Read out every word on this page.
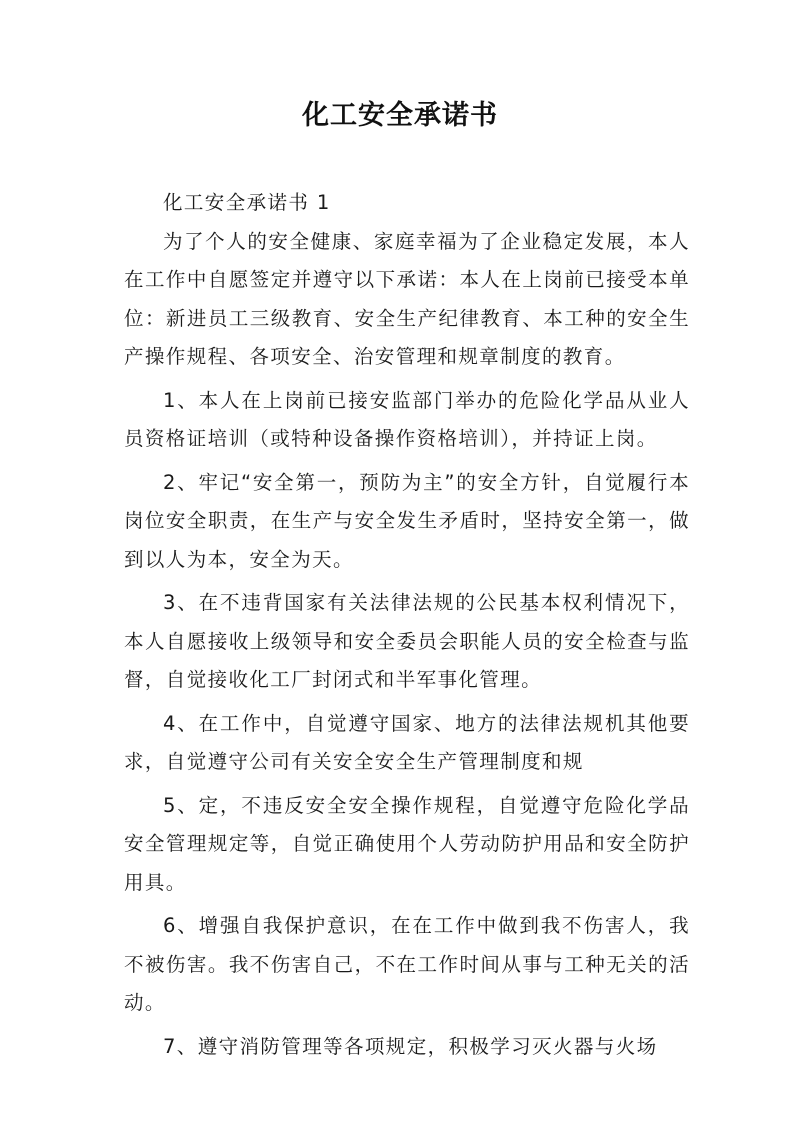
化工安全承诺书

化工安全承诺书 1

为了个人的安全健康、家庭幸福为了企业稳定发展，本人在工作中自愿签定并遵守以下承诺：本人在上岗前已接受本单位：新进员工三级教育、安全生产纪律教育、本工种的安全生产操作规程、各项安全、治安管理和规章制度的教育。

1、本人在上岗前已接安监部门举办的危险化学品从业人员资格证培训（或特种设备操作资格培训），并持证上岗。

2、牢记“安全第一，预防为主”的安全方针，自觉履行本岗位安全职责，在生产与安全发生矛盾时，坚持安全第一，做到以人为本，安全为天。

3、在不违背国家有关法律法规的公民基本权利情况下，本人自愿接收上级领导和安全委员会职能人员的安全检查与监督，自觉接收化工厂封闭式和半军事化管理。

4、在工作中，自觉遵守国家、地方的法律法规机其他要求，自觉遵守公司有关安全安全生产管理制度和规

5、定，不违反安全安全操作规程，自觉遵守危险化学品安全管理规定等，自觉正确使用个人劳动防护用品和安全防护用具。

6、增强自我保护意识，在在工作中做到我不伤害人，我不被伤害。我不伤害自己，不在工作时间从事与工种无关的活动。

7、遵守消防管理等各项规定，积极学习灭火器与火场
